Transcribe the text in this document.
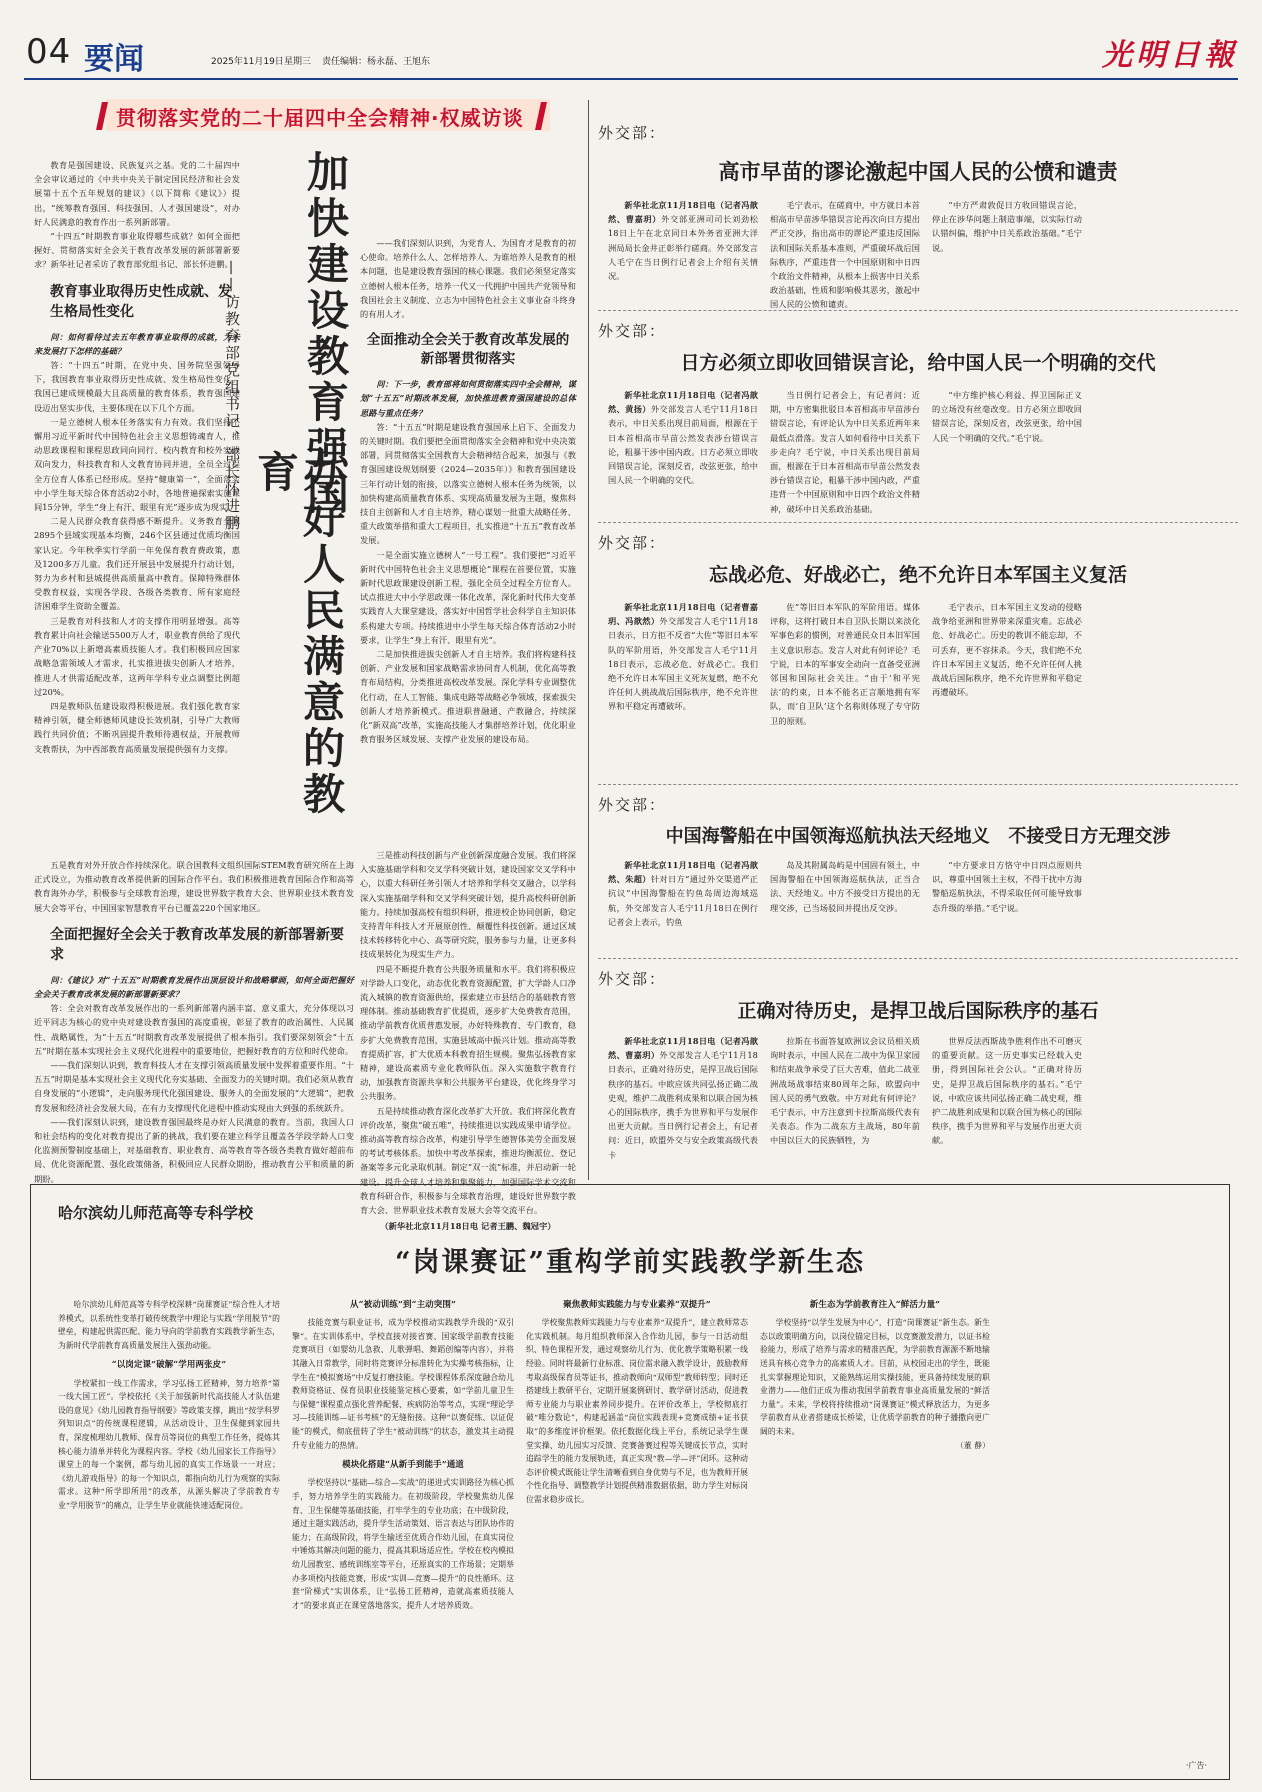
04 要闻	2025年11月19日 星期三 责任编辑：杨永磊、王旭东	光明日報
贯彻落实党的二十届四中全会精神·权威访谈

教育是强国建设、民族复兴之基。党的二十届四中全会审议通过的《中共中央关于制定国民经济和社会发展第十五个五年规划的建议》（以下简称《建议》）提出，“统筹教育强国、科技强国、人才强国建设”，对办好人民满意的教育作出一系列新部署。

“十四五”时期教育事业取得哪些成就？如何全面把握好、贯彻落实好全会关于教育改革发展的新部署新要求？新华社记者采访了教育部党组书记、部长怀进鹏。

教育事业取得历史性成就、发生格局性变化

问：如何看待过去五年教育事业取得的成就，为未来发展打下怎样的基础？

答：“十四五”时期，在党中央、国务院坚强领导下，我国教育事业取得历史性成就、发生格局性变化。我国已建成规模最大且高质量的教育体系，教育强国建设迈出坚实步伐，主要体现在以下几个方面。

一是立德树人根本任务落实有力有效。我们坚持不懈用习近平新时代中国特色社会主义思想铸魂育人，推动思政课程和课程思政同向同行、校内教育和校外实践双向发力，科技教育和人文教育协同并进，全员全过程全方位育人体系已经形成。坚持“健康第一”，全面落实中小学生每天综合体育活动2小时，各地普遍探索实施课间15分钟，学生“身上有汗、眼里有光”逐步成为现实。

二是人民群众教育获得感不断提升。义务教育全国2895个县域实现基本均衡，246个区县通过优质均衡国家认定。今年秋季实行学前一年免保育教育费政策，惠及1200多万儿童。我们还开展县中发展提升行动计划，努力为乡村和县城提供高质量高中教育。保障特殊群体受教育权益，实现各学段、各级各类教育、所有家庭经济困难学生资助全覆盖。

三是教育对科技和人才的支撑作用明显增强。高等教育累计向社会输送5500万人才，职业教育供给了现代产业70%以上新增高素质技能人才。我们积极回应国家战略急需领域人才需求，扎实推进拔尖创新人才培养，推进人才供需适配改革，这两年学科专业点调整比例超过20%。

四是教师队伍建设取得积极进展。我们强化教育家精神引领，健全师德师风建设长效机制，引导广大教师践行共同价值；不断巩固提升教师待遇权益，开展教师支教帮扶，为中西部教育高质量发展提供强有力支撑。

五是教育对外开放合作持续深化。联合国教科文组织国际STEM教育研究所在上海正式设立，为推动教育改革提供新的国际合作平台。我们积极推进教育国际合作和高等教育海外办学，积极参与全球教育治理，建设世界数字教育大会、世界职业技术教育发展大会等平台，中国国家智慧教育平台已覆盖220个国家地区。

全面把握好全会关于教育改革发展的新部署新要求

问：《建议》对“十五五”时期教育发展作出顶层设计和战略擘画，如何全面把握好全会关于教育改革发展的新部署新要求？

答：全会对教育改革发展作出的一系列新部署内涵丰富、意义重大，充分体现以习近平同志为核心的党中央对建设教育强国的高度重视，彰显了教育的政治属性、人民属性、战略属性，为“十五五”时期教育改革发展提供了根本指引。我们要深刻领会“十五五”时期在基本实现社会主义现代化进程中的重要地位，把握好教育的方位和时代使命。

——我们深刻认识到，教育科技人才在支撑引领高质量发展中发挥着重要作用。“十五五”时期是基本实现社会主义现代化夯实基础、全面发力的关键时期。我们必须从教育自身发展的“小逻辑”，走向服务现代化强国建设、服务人的全面发展的“大逻辑”，把教育发展和经济社会发展大局，在有力支撑现代化进程中推动实现由大到强的系统跃升。

——我们深刻认识到，建设教育强国最终是办好人民满意的教育。当前，我国人口和社会结构的变化对教育提出了新的挑战，我们要在建立科学且覆盖各学段学龄人口变化监测预警制度基础上，对基础教育、职业教育、高等教育等各级各类教育做好超前布局、优化资源配置、强化政策储备，积极回应人民群众期盼，推动教育公平和质量的新期盼。

加快建设教育强国
办好人民满意的教育
——访教育部党组书记、部长怀进鹏

——我们深刻认识到，为党育人、为国育才是教育的初心使命。培养什么人、怎样培养人、为谁培养人是教育的根本问题，也是建设教育强国的核心课题。我们必须坚定落实立德树人根本任务，培养一代又一代拥护中国共产党领导和我国社会主义制度、立志为中国特色社会主义事业奋斗终身的有用人才。

全面推动全会关于教育改革发展的新部署贯彻落实

问：下一步，教育部将如何贯彻落实四中全会精神，谋划“十五五”时期改革发展，加快推进教育强国建设的总体思路与重点任务？

答：“十五五”时期是建设教育强国承上启下、全面发力的关键时期。我们要把全面贯彻落实全会精神和党中央决策部署，同贯彻落实全国教育大会精神结合起来，加强与《教育强国建设规划纲要（2024—2035年）》和教育强国建设三年行动计划的衔接，以落实立德树人根本任务为统领，以加快构建高质量教育体系、实现高质量发展为主题，聚焦科技自主创新和人才自主培养，精心谋划一批重大战略任务、重大政策举措和重大工程项目，扎实推进“十五五”教育改革发展。

一是全面实施立德树人“一号工程”。我们要把“习近平新时代中国特色社会主义思想概论”课程在首要位置，实施新时代思政课建设创新工程，强化全员全过程全方位育人。试点推进大中小学思政课一体化改革，深化新时代伟大变革实践育人大课堂建设，落实好中国哲学社会科学自主知识体系构建大专项。持续推进中小学生每天综合体育活动2小时要求，让学生“身上有汗、眼里有光”。

二是加快推进拔尖创新人才自主培养。我们将构建科技创新、产业发展和国家战略需求协同育人机制，优化高等教育布局结构，分类推进高校改革发展。深化学科专业调整优化行动，在人工智能、集成电路等战略必争领域，探索拔尖创新人才培养新模式。推进职普融通、产教融合，持续深化“新双高”改革，实施高技能人才集群培养计划，优化职业教育服务区域发展、支撑产业发展的建设布局。

三是推动科技创新与产业创新深度融合发展。我们将深入实施基础学科和交叉学科突破计划，建设国家交叉学科中心，以重大科研任务引领人才培养和学科交叉融合，以学科深入实施基础学科和交叉学科突破计划，提升高校科研创新能力。持续加强高校有组织科研，推进校企协同创新，稳定支持青年科技人才开展原创性、颠覆性科技创新。通过区域技术转移转化中心、高等研究院，服务参与力量，让更多科技成果转化为现实生产力。

四是不断提升教育公共服务质量和水平。我们将积极应对学龄人口变化，动态优化教育资源配置，扩大学龄人口净流入城镇的教育资源供给，探索建立市县结合的基础教育管理体制。推动基础教育扩优提质，逐步扩大免费教育范围，推动学前教育优质普惠发展，办好特殊教育、专门教育，稳步扩大免费教育范围，实施县域高中振兴计划。推动高等教育提质扩容，扩大优质本科教育招生规模。聚焦弘扬教育家精神，建设高素质专业化教师队伍。深入实施数字教育行动，加强教育资源共享和公共服务平台建设，优化终身学习公共服务。

五是持续推动教育深化改革扩大开放。我们将深化教育评价改革，聚焦“破五唯”，持续推进以实践成果申请学位。推动高等教育综合改革，构建引导学生德智体美劳全面发展的考试考核体系。加快中考改革探索，推进均衡派位、登记备案等多元化录取机制。制定“双一流”标准，并启动新一轮建设。提升全球人才培养和集聚能力，加强国际学术交流和教育科研合作，积极参与全球教育治理，建设好世界数字教育大会、世界职业技术教育发展大会等交流平台。

（新华社北京11月18日电 记者王鹏、魏冠宇）

外交部：
高市早苗的谬论激起中国人民的公愤和谴责

新华社北京11月18日电（记者冯歆然、曹嘉玥）外交部亚洲司司长刘劲松18日上午在北京同日本外务省亚洲大洋洲局局长金井正彰举行磋商。外交部发言人毛宁在当日例行记者会上介绍有关情况。

毛宁表示，在磋商中，中方就日本首相高市早苗涉华错误言论再次向日方提出严正交涉，指出高市的谬论严重违反国际法和国际关系基本准则，严重破坏战后国际秩序，严重违背一个中国原则和中日四个政治文件精神，从根本上损害中日关系政治基础，性质和影响极其恶劣，激起中国人民的公愤和谴责。

“中方严肃敦促日方收回错误言论，停止在涉华问题上制造事端，以实际行动认错纠偏，维护中日关系政治基础。”毛宁说。

外交部：
日方必须立即收回错误言论，给中国人民一个明确的交代

新华社北京11月18日电（记者冯歆然、黄扬）外交部发言人毛宁11月18日表示，中日关系出现目前局面，根源在于日本首相高市早苗公然发表涉台错误言论，粗暴干涉中国内政。日方必须立即收回错误言论，深刻反省，改弦更张，给中国人民一个明确的交代。

当日例行记者会上，有记者问：近期，中方密集批驳日本首相高市早苗涉台错误言论，有评论认为中日关系近两年来最低点滑落。发言人如何看待中日关系下步走向？毛宁说，中日关系出现目前局面，根源在于日本首相高市早苗公然发表涉台错误言论，粗暴干涉中国内政，严重违背一个中国原则和中日四个政治文件精神，破坏中日关系政治基础。

“中方维护核心利益、捍卫国际正义的立场没有丝毫改变。日方必须立即收回错误言论，深刻反省，改弦更张，给中国人民一个明确的交代。”毛宁说。

外交部：
忘战必危、好战必亡，绝不允许日本军国主义复活

新华社北京11月18日电（记者曹嘉玥、冯歆然）外交部发言人毛宁11月18日表示，日方拒不反省“大佐”等旧日本军队的军阶用语，外交部发言人毛宁11月18日表示，忘战必危、好战必亡。我们绝不允许日本军国主义死灰复燃，绝不允许任何人挑战战后国际秩序，绝不允许世界和平稳定再遭破坏。

佐”等旧日本军队的军阶用语。媒体评称，这将打破日本自卫队长期以来淡化军事色彩的惯例，对普通民众日本旧军国主义意识形态。发言人对此有何评论？毛宁说，日本的军事安全动向一直备受亚洲邻国和国际社会关注。“由于‘和平宪法’的约束，日本不能名正言顺地拥有军队，而‘自卫队’这个名称则体现了专守防卫的原则。

毛宁表示，日本军国主义发动的侵略战争给亚洲和世界带来深重灾难。忘战必危、好战必亡。历史的教训不能忘却，不可丢弃，更不容抹杀。今天，我们绝不允许日本军国主义复活，绝不允许任何人挑战战后国际秩序，绝不允许世界和平稳定再遭破坏。

外交部：
中国海警船在中国领海巡航执法天经地义   不接受日方无理交涉

新华社北京11月18日电（记者冯歆然、朱超）针对日方“通过外交渠道严正抗议”中国海警船在钓鱼岛周边海域巡航，外交部发言人毛宁11月18日在例行记者会上表示，钓鱼

岛及其附属岛屿是中国固有领土，中国海警船在中国领海巡航执法，正当合法、天经地义。中方不接受日方提出的无理交涉，已当场驳回并提出反交涉。

“中方要求日方恪守中日四点原则共识，尊重中国领土主权，不得干扰中方海警船巡航执法，不得采取任何可能导致事态升级的举措。”毛宁说。

外交部：
正确对待历史，是捍卫战后国际秩序的基石

新华社北京11月18日电（记者冯歆然、曹嘉玥）外交部发言人毛宁11月18日表示，正确对待历史，是捍卫战后国际秩序的基石。中欧应该共同弘扬正确二战史观，维护二战胜利成果和以联合国为核心的国际秩序，携手为世界和平与发展作出更大贡献。当日例行记者会上，有记者问：近日，欧盟外交与安全政策高级代表卡

拉斯在书面答复欧洲议会议员相关质询时表示，中国人民在二战中为保卫家园和结束战争承受了巨大苦难，值此二战亚洲战场战事结束80周年之际，欧盟向中国人民的勇气致敬。中方对此有何评论？毛宁表示，中方注意到卡拉斯高级代表有关表态。作为二战东方主战场，80年前中国以巨大的民族牺牲，为

世界反法西斯战争胜利作出不可磨灭的重要贡献。这一历史事实已经载入史册，得到国际社会公认。“正确对待历史，是捍卫战后国际秩序的基石。”毛宁说，中欧应该共同弘扬正确二战史观，维护二战胜利成果和以联合国为核心的国际秩序，携手为世界和平与发展作出更大贡献。

哈尔滨幼儿师范高等专科学校
“岗课赛证”重构学前实践教学新生态

哈尔滨幼儿师范高等专科学校深耕“岗课赛证”综合性人才培养模式，以系统性变革打破传统教学中理论与实践“学用脱节”的壁垒，构建起供需匹配、能力导向的学前教育实践教学新生态，为新时代学前教育高质量发展注入强劲动能。

“以岗定课”破解“学用两张皮”

学校紧扣一线工作需求，学习弘扬工匠精神，努力培养“第一线大国工匠”。学校依托《关于加强新时代高技能人才队伍建设的意见》《幼儿园教育指导纲要》等政策支撑，跳出“按学科罗列知识点”的传统课程逻辑，从活动设计、卫生保健到家园共育，深度梳理幼儿教师、保育员等岗位的典型工作任务，提炼其核心能力清单并转化为课程内容。学校《幼儿园家长工作指导》课堂上的每一个案例，都与幼儿园的真实工作场景一一对应；《幼儿游戏指导》的每一个知识点，都指向幼儿行为观察的实际需求。这种“所学即所用”的改革，从源头解决了学前教育专业“学用脱节”的痛点，让学生毕业就能快速适配岗位。

从“被动训练”到“主动突围”

技能竞赛与职业证书，成为学校推动实践教学升级的“双引擎”。在实训体系中，学校直接对接省赛、国家级学前教育技能竞赛项目（如婴幼儿急救、儿歌弹唱、舞蹈创编等内容），并将其融入日常教学，同时将竞赛评分标准转化为实操考核指标，让学生在“模拟赛场”中反复打磨技能。学校课程体系深度融合幼儿教师资格证、保育员职业技能鉴定核心要素，如“学前儿童卫生与保健”课程重点强化营养配餐、疾病防治等考点，实现“理论学习—技能训练—证书考核”的无缝衔接。这种“以赛促练、以证促能”的模式，彻底扭转了学生“被动训练”的状态，激发其主动提升专业能力的热情。

模块化搭建“从新手到能手”通道

学校坚持以“基础—综合—实战”的递进式实训路径为核心抓手，努力培养学生的实践能力。在初级阶段，学校聚焦幼儿保育、卫生保健等基础技能，打牢学生的专业功底；在中级阶段，通过主题实践活动，提升学生活动策划、语言表达与团队协作的能力；在高级阶段，将学生输送至优质合作幼儿园，在真实岗位中锤炼其解决问题的能力，提高其职场适应性。学校在校内模拟幼儿园教室、感统训练室等平台，还原真实的工作场景；定期举办多项校内技能竞赛，形成“实训—竞赛—提升”的良性循环。这套“阶梯式”实训体系，让“弘扬工匠精神，造就高素质技能人才”的要求真正在课堂落地落实，提升人才培养质效。

聚焦教师实践能力与专业素养“双提升”

学校聚焦教师实践能力与专业素养“双提升”，建立教师常态化实践机制。每月组织教师深入合作幼儿园，参与一日活动组织、特色课程开发，通过观察幼儿行为、优化教学策略积累一线经验。同时将最新行业标准、岗位需求融入教学设计，鼓励教师考取高级保育员等证书，推动教师向“双师型”教师转型；同时还搭建线上教研平台，定期开展案例研讨、教学研讨活动，促进教师专业能力与职业素养同步提升。在评价改革上，学校彻底打破“唯分数论”，构建起涵盖“岗位实践表现+竞赛成绩+证书获取”的多维度评价框架。依托数据化线上平台，系统记录学生课堂实操、幼儿园实习反馈、竞赛备赛过程等关键成长节点，实时追踪学生的能力发展轨迹，真正实现“教—学—评”闭环。这种动态评价模式既能让学生清晰看到自身优势与不足，也为教师开展个性化指导、调整教学计划提供精准数据依据，助力学生对标岗位需求稳步成长。

新生态为学前教育注入“鲜活力量”

学校坚持“以学生发展为中心”，打造“岗课赛证”新生态。新生态以政策明确方向，以岗位锚定目标，以竞赛激发潜力，以证书检验能力，形成了培养与需求的精准匹配，为学前教育源源不断地输送具有核心竞争力的高素质人才。目前，从校园走出的学生，既能扎实掌握理论知识，又能熟练运用实操技能，更具备持续发展的职业潜力——他们正成为推动我国学前教育事业高质量发展的“鲜活力量”。未来，学校将持续推动“岗课赛证”模式释放活力，为更多学前教育从业者搭建成长桥梁，让优质学前教育的种子播撒向更广阔的未来。

（董 静）

·广告·
